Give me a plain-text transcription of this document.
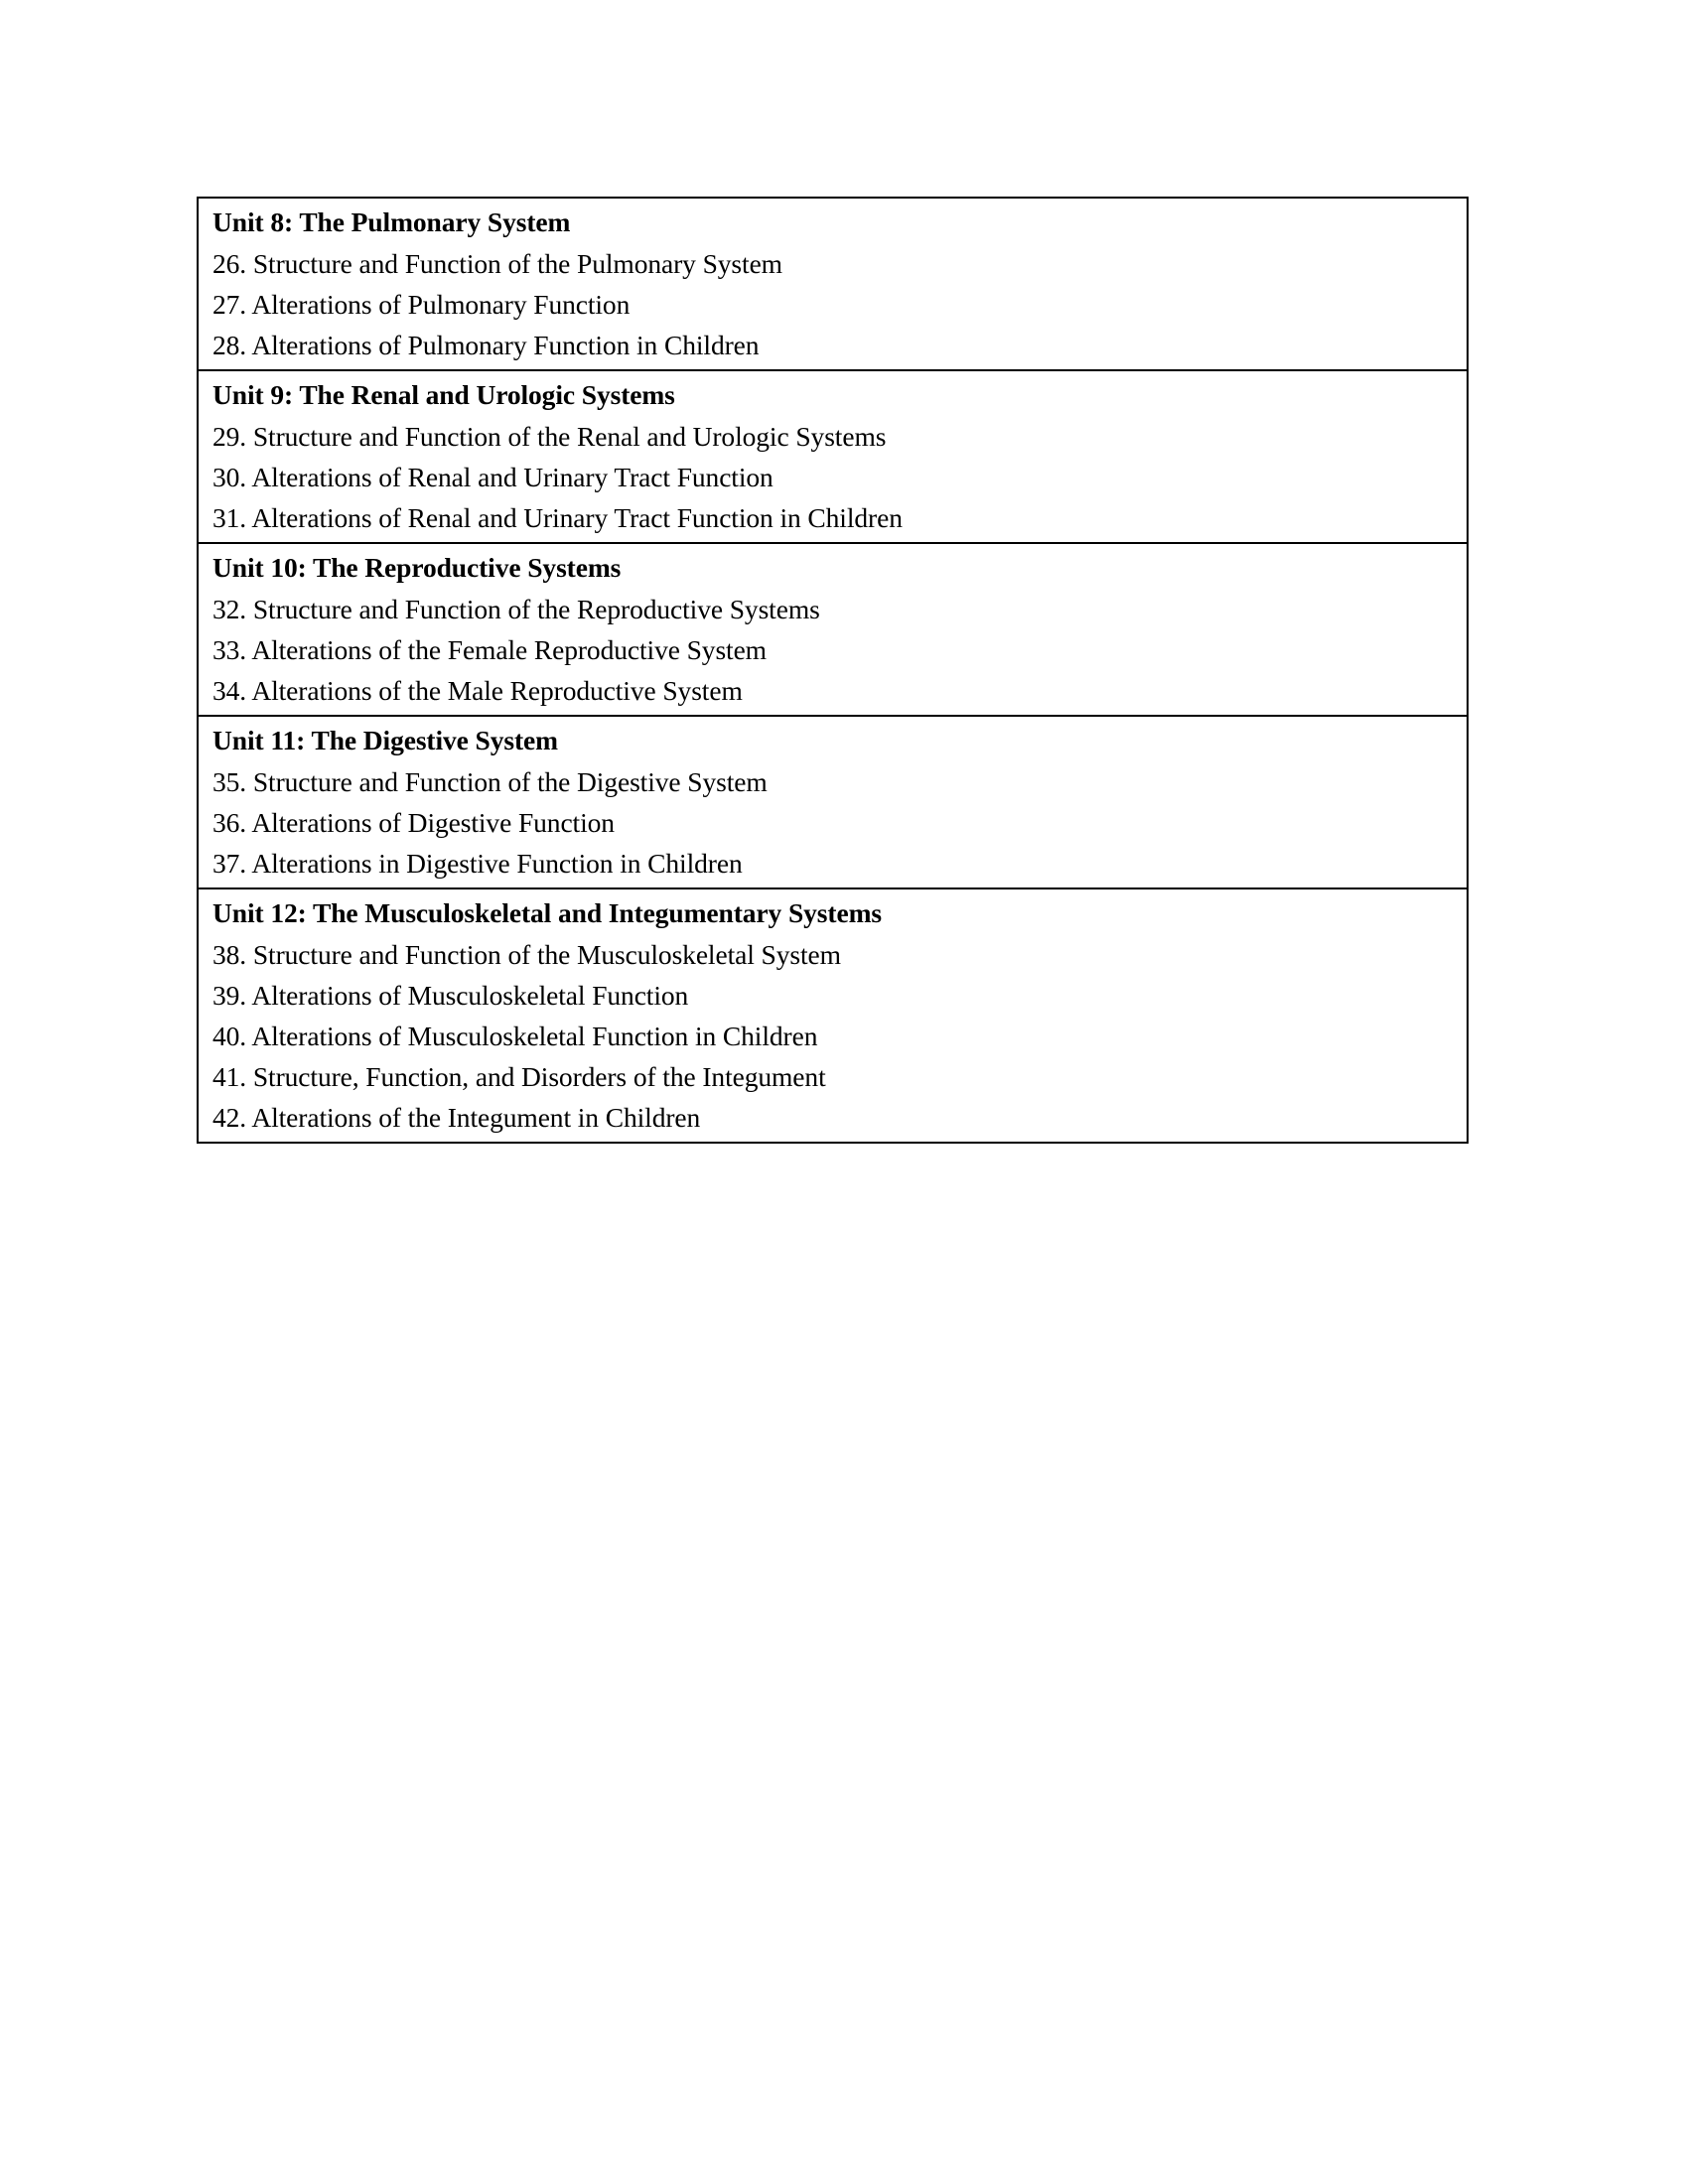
Unit 8: The Pulmonary System
26. Structure and Function of the Pulmonary System
27. Alterations of Pulmonary Function
28. Alterations of Pulmonary Function in Children
Unit 9: The Renal and Urologic Systems
29. Structure and Function of the Renal and Urologic Systems
30. Alterations of Renal and Urinary Tract Function
31. Alterations of Renal and Urinary Tract Function in Children
Unit 10: The Reproductive Systems
32. Structure and Function of the Reproductive Systems
33. Alterations of the Female Reproductive System
34. Alterations of the Male Reproductive System
Unit 11: The Digestive System
35. Structure and Function of the Digestive System
36. Alterations of Digestive Function
37. Alterations in Digestive Function in Children
Unit 12: The Musculoskeletal and Integumentary Systems
38. Structure and Function of the Musculoskeletal System
39. Alterations of Musculoskeletal Function
40. Alterations of Musculoskeletal Function in Children
41. Structure, Function, and Disorders of the Integument
42. Alterations of the Integument in Children
